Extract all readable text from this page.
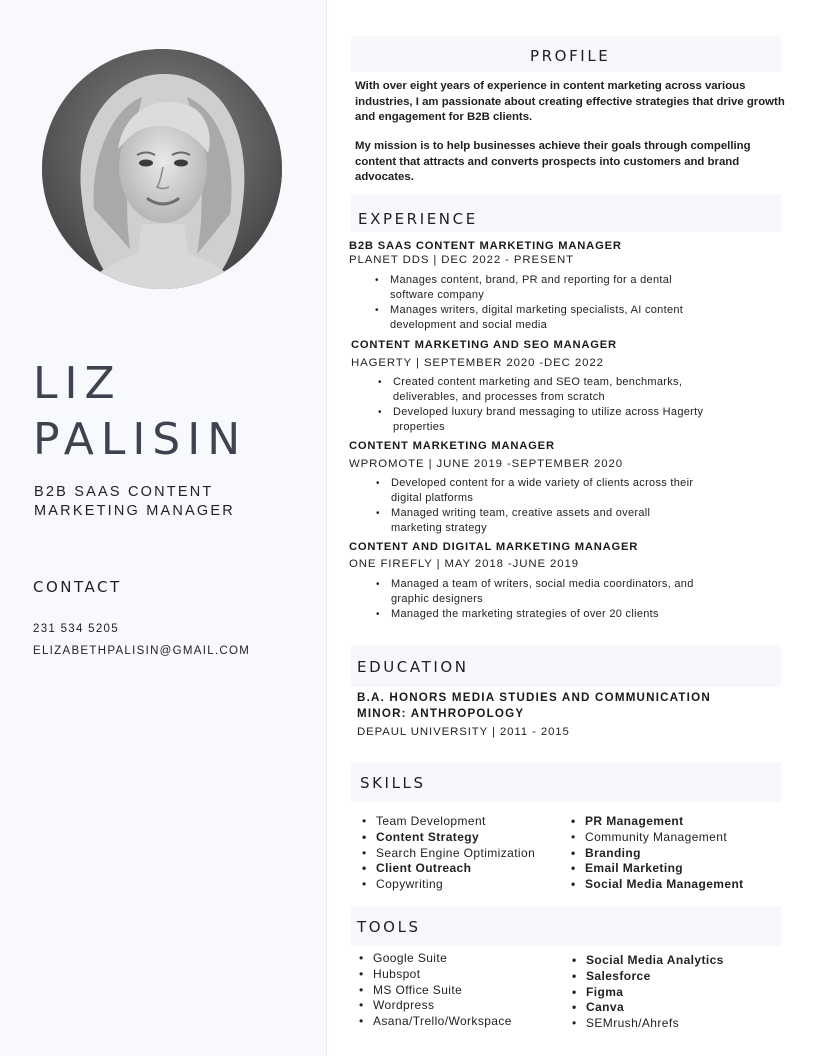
LIZ
PALISIN
B2B SAAS CONTENT
MARKETING MANAGER
CONTACT
231 534 5205
ELIZABETHPALISIN@GMAIL.COM
PROFILE

With over eight years of experience in content marketing across various industries, I am passionate about creating effective strategies that drive growth and engagement for B2B clients.

My mission is to help businesses achieve their goals through compelling content that attracts and converts prospects into customers and brand advocates.

EXPERIENCE
B2B SAAS CONTENT MARKETING MANAGER
PLANET DDS | DEC 2022 - PRESENT
• Manages content, brand, PR and reporting for a dental software company
• Manages writers, digital marketing specialists, AI content development and social media
CONTENT MARKETING AND SEO MANAGER
HAGERTY | SEPTEMBER 2020 -DEC 2022
• Created content marketing and SEO team, benchmarks, deliverables, and processes from scratch
• Developed luxury brand messaging to utilize across Hagerty properties
CONTENT MARKETING MANAGER
WPROMOTE | JUNE 2019 -SEPTEMBER 2020
• Developed content for a wide variety of clients across their digital platforms
• Managed writing team, creative assets and overall marketing strategy
CONTENT AND DIGITAL MARKETING MANAGER
ONE FIREFLY | MAY 2018 -JUNE 2019
• Managed a team of writers, social media coordinators, and graphic designers
• Managed the marketing strategies of over 20 clients
EDUCATION
B.A. HONORS MEDIA STUDIES AND COMMUNICATION
MINOR: ANTHROPOLOGY
DEPAUL UNIVERSITY | 2011 - 2015
SKILLS
• Team Development
• Content Strategy
• Search Engine Optimization
• Client Outreach
• Copywriting
• PR Management
• Community Management
• Branding
• Email Marketing
• Social Media Management
TOOLS
• Google Suite
• Hubspot
• MS Office Suite
• Wordpress
• Asana/Trello/Workspace
• Social Media Analytics
• Salesforce
• Figma
• Canva
• SEMrush/Ahrefs
